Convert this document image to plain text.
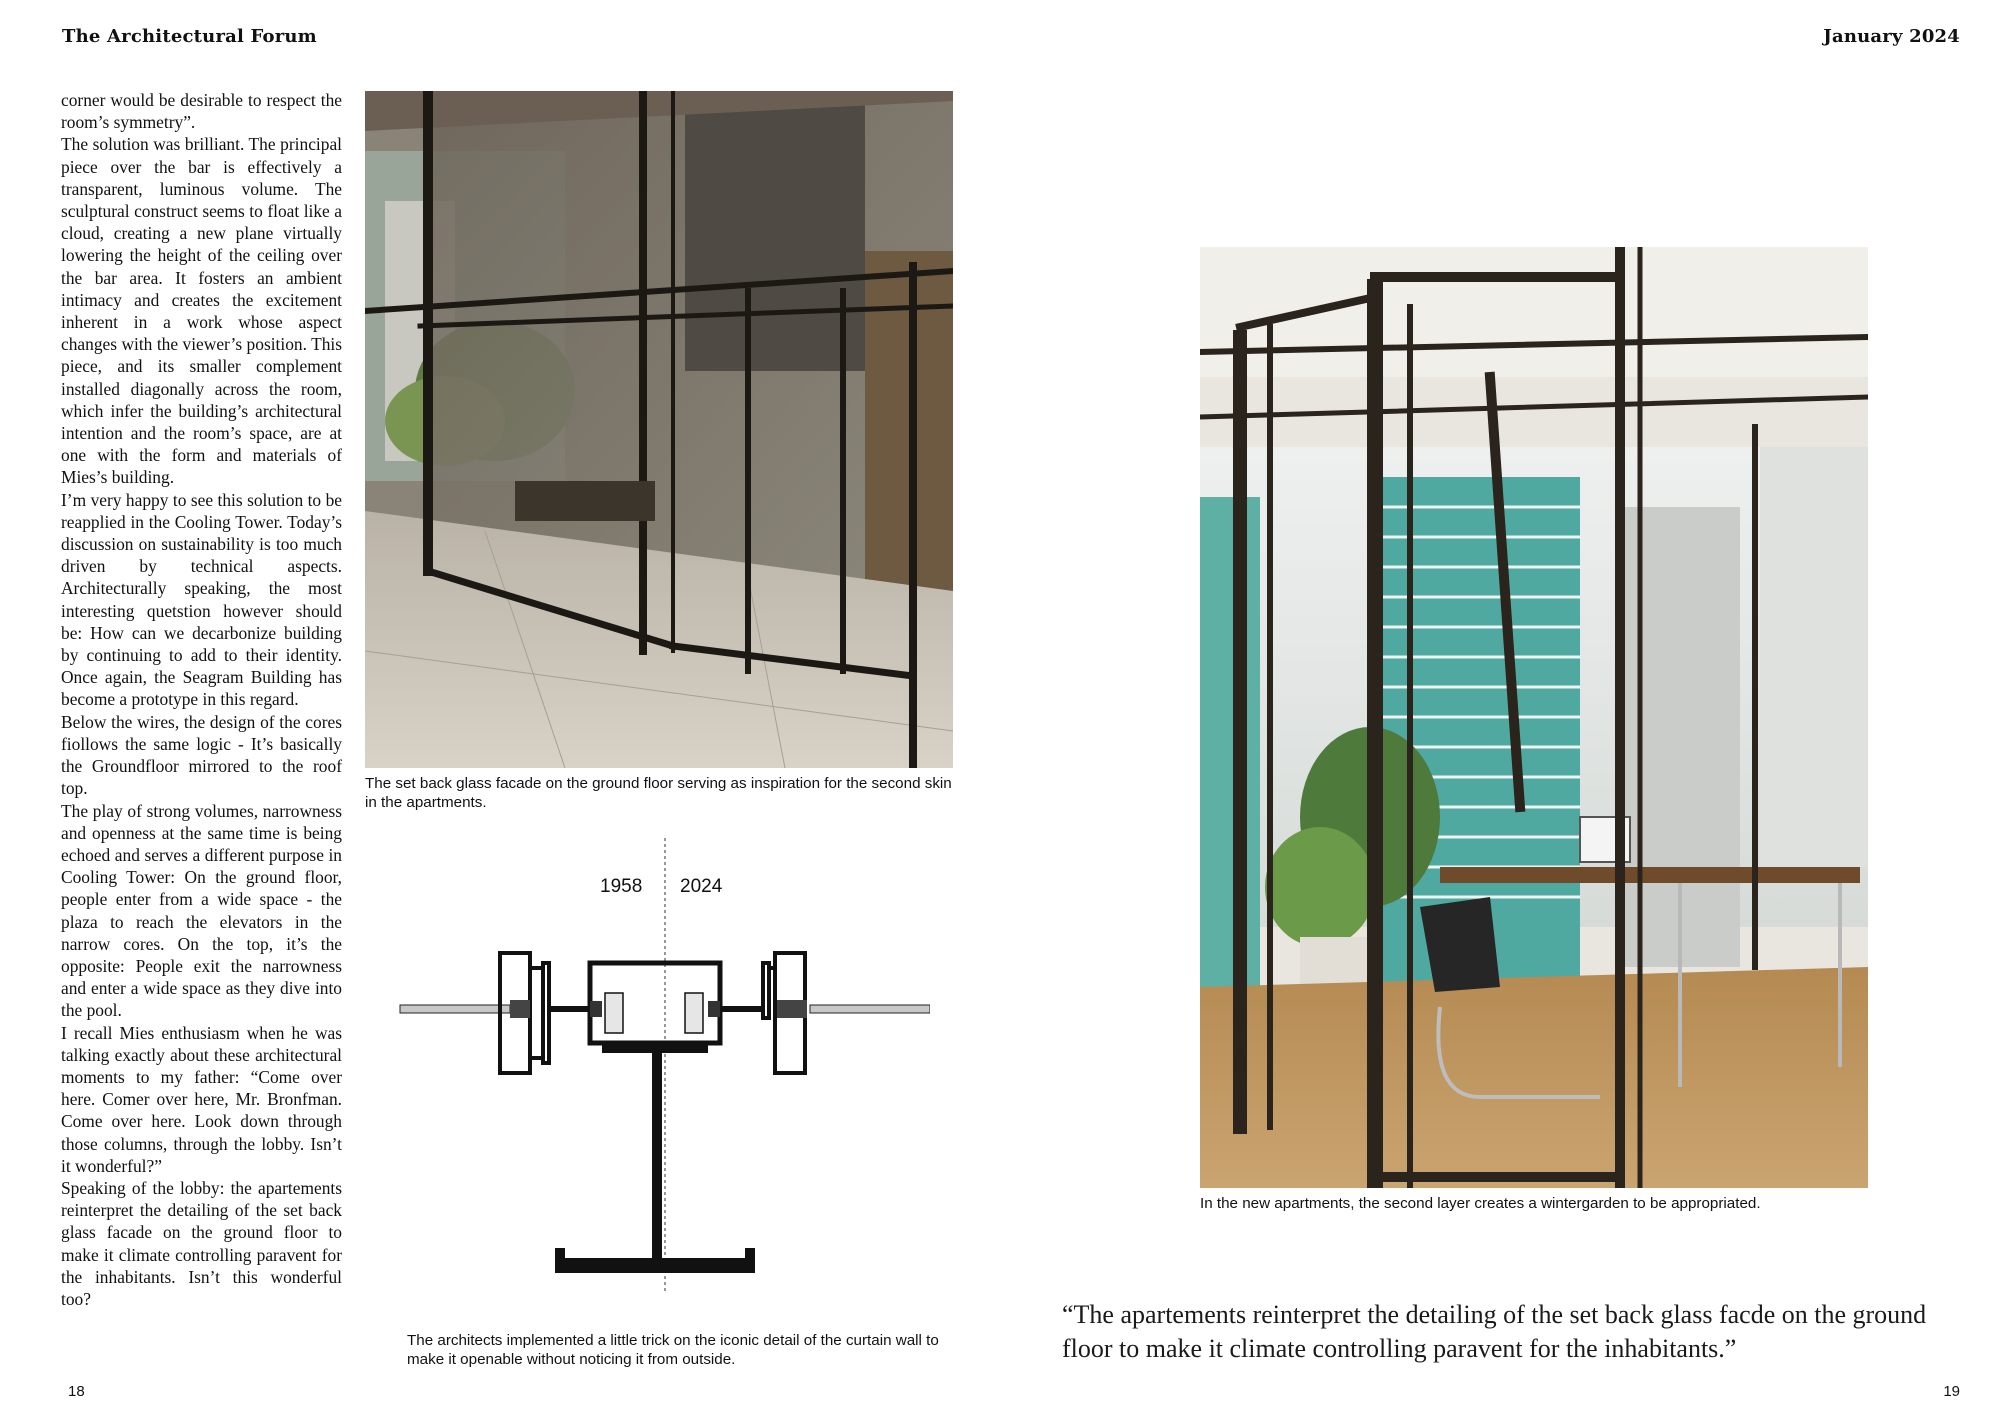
The Architectural Forum

corner would be desirable to respect the room’s symmetry”.

The solution was brilliant. The principal piece over the bar is effectively a transparent, luminous volume. The sculptural construct seems to float like a cloud, creating a new plane virtually lowering the height of the ceiling over the bar area. It fosters an ambient intimacy and creates the excitement inherent in a work whose aspect changes with the viewer’s position. This piece, and its smaller complement installed diagonally across the room, which infer the building’s architectural intention and the room’s space, are at one with the form and materials of Mies’s building.

I’m very happy to see this solution to be reapplied in the Cooling Tower. Today’s discussion on sustainability is too much driven by technical aspects. Architecturally speaking, the most interesting quetstion however should be: How can we decarbonize building by continuing to add to their identity. Once again, the Seagram Building has become a prototype in this regard.

Below the wires, the design of the cores fiollows the same logic - It’s basically the Groundfloor mirrored to the roof top.

The play of strong volumes, narrowness and openness at the same time is being echoed and serves a different purpose in Cooling Tower: On the ground floor, people enter from a wide space - the plaza to reach the elevators in the narrow cores. On the top, it’s the opposite: People exit the narrowness and enter a wide space as they dive into the pool.

I recall Mies enthusiasm when he was talking exactly about these architectural moments to my father: “Come over here. Comer over here, Mr. Bronfman. Come over here. Look down through those columns, through the lobby. Isn’t it wonderful?”

Speaking of the lobby: the apartements reinterpret the detailing of the set back glass facade on the ground floor to make it climate controlling paravent for the inhabitants. Isn’t this wonderful too?

The set back glass facade on the ground floor serving as inspiration for the second skin in the apartments.
1958 2024
The architects implemented a little trick on the iconic detail of the curtain wall to make it openable without noticing it from outside.
18
January 2024
In the new apartments, the second layer creates a wintergarden to be appropriated.
“The apartements reinterpret the detailing of the set back glass facde on the ground floor to make it climate controlling paravent for the inhabitants.”
19
